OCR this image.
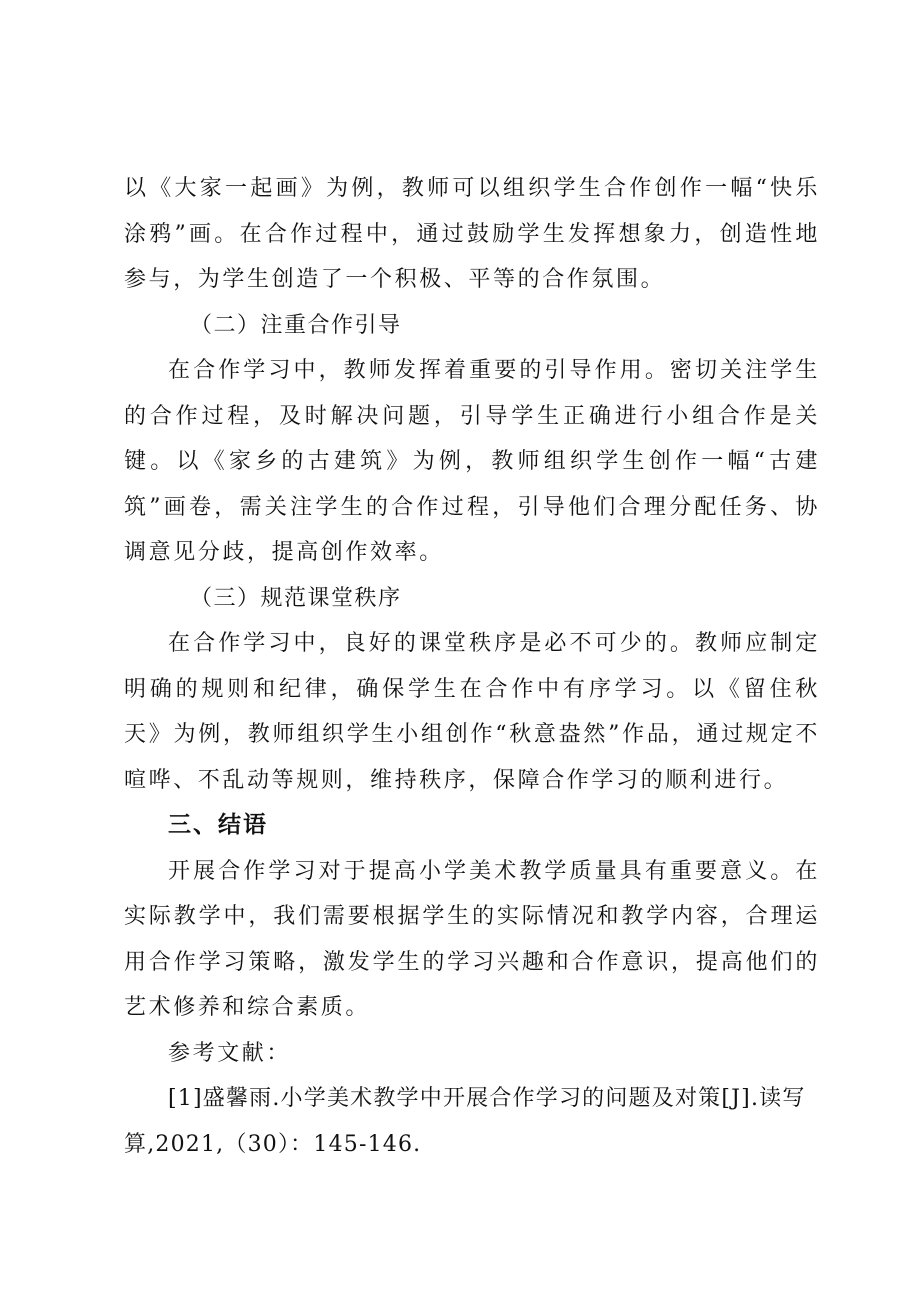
以《大家一起画》为例，教师可以组织学生合作创作一幅“快乐涂鸦”画。在合作过程中，通过鼓励学生发挥想象力，创造性地参与，为学生创造了一个积极、平等的合作氛围。

（二）注重合作引导

在合作学习中，教师发挥着重要的引导作用。密切关注学生的合作过程，及时解决问题，引导学生正确进行小组合作是关键。以《家乡的古建筑》为例，教师组织学生创作一幅“古建筑”画卷，需关注学生的合作过程，引导他们合理分配任务、协调意见分歧，提高创作效率。

（三）规范课堂秩序

在合作学习中，良好的课堂秩序是必不可少的。教师应制定明确的规则和纪律，确保学生在合作中有序学习。以《留住秋天》为例，教师组织学生小组创作“秋意盎然”作品，通过规定不喧哗、不乱动等规则，维持秩序，保障合作学习的顺利进行。

三、结语

开展合作学习对于提高小学美术教学质量具有重要意义。在实际教学中，我们需要根据学生的实际情况和教学内容，合理运用合作学习策略，激发学生的学习兴趣和合作意识，提高他们的艺术修养和综合素质。

参考文献：

[1]盛馨雨.小学美术教学中开展合作学习的问题及对策[J].读写算,2021,（30）：145-146.
